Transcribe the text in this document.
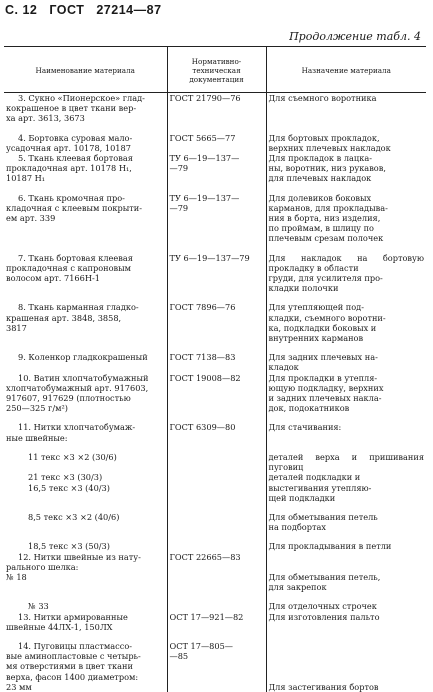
С. 12 ГОСТ 27214—87
Продолжение табл. 4
Наименование материала	Нормативно-техническая документация	Назначение материала

3. Сукно «Пионерское» глад-
кокрашеное в цвет ткани вер-
ха арт. 3613, 3673	ГОСТ 21790—76	Для съемного воротника

4. Бортовка суровая мало-
усадочная арт. 10178, 10187	ГОСТ 5665—77	Для бортовых прокладок,
верхних плечевых накладок

5. Ткань клеевая бортовая
прокладочная арт. 10178 Н₁,
10187 Н₁	ТУ 6—19—137—
—79	Для прокладок в лацка-
ны, воротник, низ рукавов,
для плечевых накладок

6. Ткань кромочная про-
кладочная с клеевым покрыти-
ем арт. 339	ТУ 6—19—137—
—79	Для долевиков боковых
карманов, для прокладыва-
ния в борта, низ изделия,
по проймам, в шлицу по
плечевым срезам полочек

7. Ткань бортовая клеевая
прокладочная с капроновым
волосом арт. 7166Н-1	ТУ 6—19—137—79	Для накладок на бортовую прокладку в области
груди, для усилителя про-
кладки полочки

8. Ткань карманная гладко-
крашеная арт. 3848, 3858,
3817	ГОСТ 7896—76	Для утепляющей под-
кладки, съемного воротни-
ка, подкладки боковых и
внутренних карманов

9. Коленкор гладкокрашеный	ГОСТ 7138—83	Для задних плечевых на-
кладок

10. Ватин хлопчатобумажный
хлопчатобумажный арт. 917603,
917607, 917629 (плотностью
250—325 г/м²)	ГОСТ 19008—82	Для прокладки в утепля-
ющую подкладку, верхних
и задних плечевых накла-
док, подокатников

11. Нитки хлопчатобумаж-
ные швейные:	ГОСТ 6309—80	Для стачивания:

11 текс ×3 ×2 (30/6)		деталей верха и пришивания пуговиц

21 текс ×3 (30/3)
16,5 текс ×3 (40/3)		деталей подкладки и
выстегивания утепляю-
щей подкладки

8,5 текс ×3 ×2 (40/6)		Для обметывания петель
на подбортах

18,5 текс ×3 (50/3)		Для прокладывания в петли

12. Нитки швейные из нату-
рального шелка:
№ 18	ГОСТ 22665—83	Для обметывания петель,
для закрепок

№ 33		Для отделочных строчек

13. Нитки армированные
швейные 44ЛХ-1, 150ЛХ	ОСТ 17—921—82	Для изготовления пальто

14. Пуговицы пластмассо-
вые аминопластовые с четырь-
мя отверстиями в цвет ткани
верха, фасон 1400 диаметром:
23 мм	ОСТ 17—805—
—85	Для застегивания бортов
